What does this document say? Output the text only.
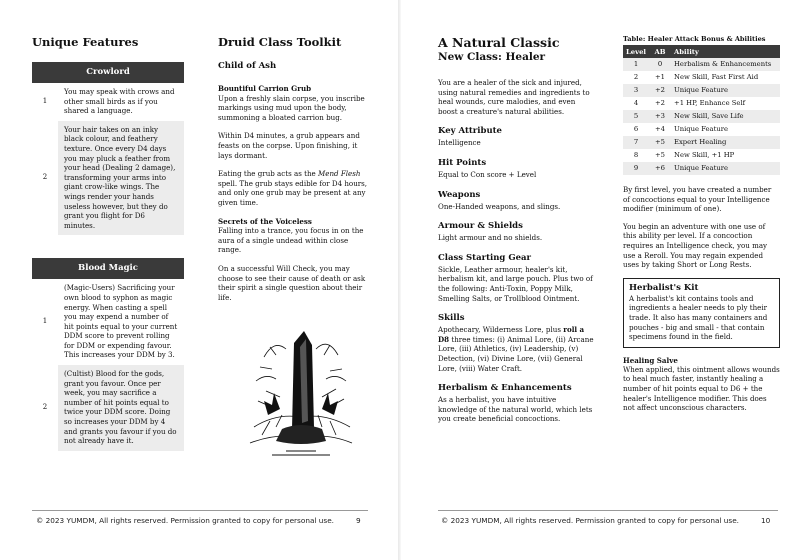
Unique Features
Crowlord
1	You may speak with crows and other small birds as if you shared a language.
2	Your hair takes on an inky black colour, and feathery texture. Once every D4 days you may pluck a feather from your head (Dealing 2 damage), transforming your arms into giant crow-like wings. The wings render your hands useless however, but they do grant you flight for D6 minutes.
Blood Magic
1	(Magic-Users) Sacrificing your own blood to syphon as magic energy. When casting a spell you may expend a number of hit points equal to your current DDM score to prevent rolling for DDM or expending favour. This increases your DDM by 3.
2	(Cultist) Blood for the gods, grant you favour. Once per week, you may sacrifice a number of hit points equal to twice your DDM score. Doing so increases your DDM by 4 and grants you favour if you do not already have it.
Druid Class Toolkit
Child of Ash
Bountiful Carrion Grub

Upon a freshly slain corpse, you inscribe markings using mud upon the body, summoning a bloated carrion bug.

Within D4 minutes, a grub appears and feasts on the corpse. Upon finishing, it lays dormant.

Eating the grub acts as the Mend Flesh spell. The grub stays edible for D4 hours, and only one grub may be present at any given time.

Secrets of the Voiceless

Falling into a trance, you focus in on the aura of a single undead within close range.

On a successful Will Check, you may choose to see their cause of death or ask their spirit a single question about their life.

© 2023 YUMDM, All rights reserved. Permission granted to copy for personal use.	9
A Natural Classic
New Class: Healer

You are a healer of the sick and injured, using natural remedies and ingredients to heal wounds, cure malodies, and even boost a creature's natural abilities.

Key Attribute

Intelligence

Hit Points

Equal to Con score + Level

Weapons

One-Handed weapons, and slings.

Armour & Shields

Light armour and no shields.

Class Starting Gear

Sickle, Leather armour, healer's kit, herbalism kit, and large pouch. Plus two of the following: Anti-Toxin, Poppy Milk, Smelling Salts, or Trollblood Ointment.

Skills

Apothecary, Wilderness Lore, plus roll a D8 three times: (i) Animal Lore, (ii) Arcane Lore, (iii) Athletics, (iv) Leadership, (v) Detection, (vi) Divine Lore, (vii) General Lore, (viii) Water Craft.

Herbalism & Enhancements

As a herbalist, you have intuitive knowledge of the natural world, which lets you create beneficial concoctions.

Table: Healer Attack Bonus & Abilities
Level	AB	Ability
1	0	Herbalism & Enhancements
2	+1	New Skill, Fast First Aid
3	+2	Unique Feature
4	+2	+1 HP, Enhance Self
5	+3	New Skill, Save Life
6	+4	Unique Feature
7	+5	Expert Healing
8	+5	New Skill, +1 HP
9	+6	Unique Feature

By first level, you have created a number of concoctions equal to your Intelligence modifier (minimum of one).

You begin an adventure with one use of this ability per level. If a concoction requires an Intelligence check, you may use a Reroll. You may regain expended uses by taking Short or Long Rests.

Herbalist's Kit

A herbalist's kit contains tools and ingredients a healer needs to ply their trade. It also has many containers and pouches - big and small - that contain specimens found in the field.

Healing Salve

When applied, this ointment allows wounds to heal much faster, instantly healing a number of hit points equal to D6 + the healer's Intelligence modifier. This does not affect unconscious characters.

© 2023 YUMDM, All rights reserved. Permission granted to copy for personal use.	10
